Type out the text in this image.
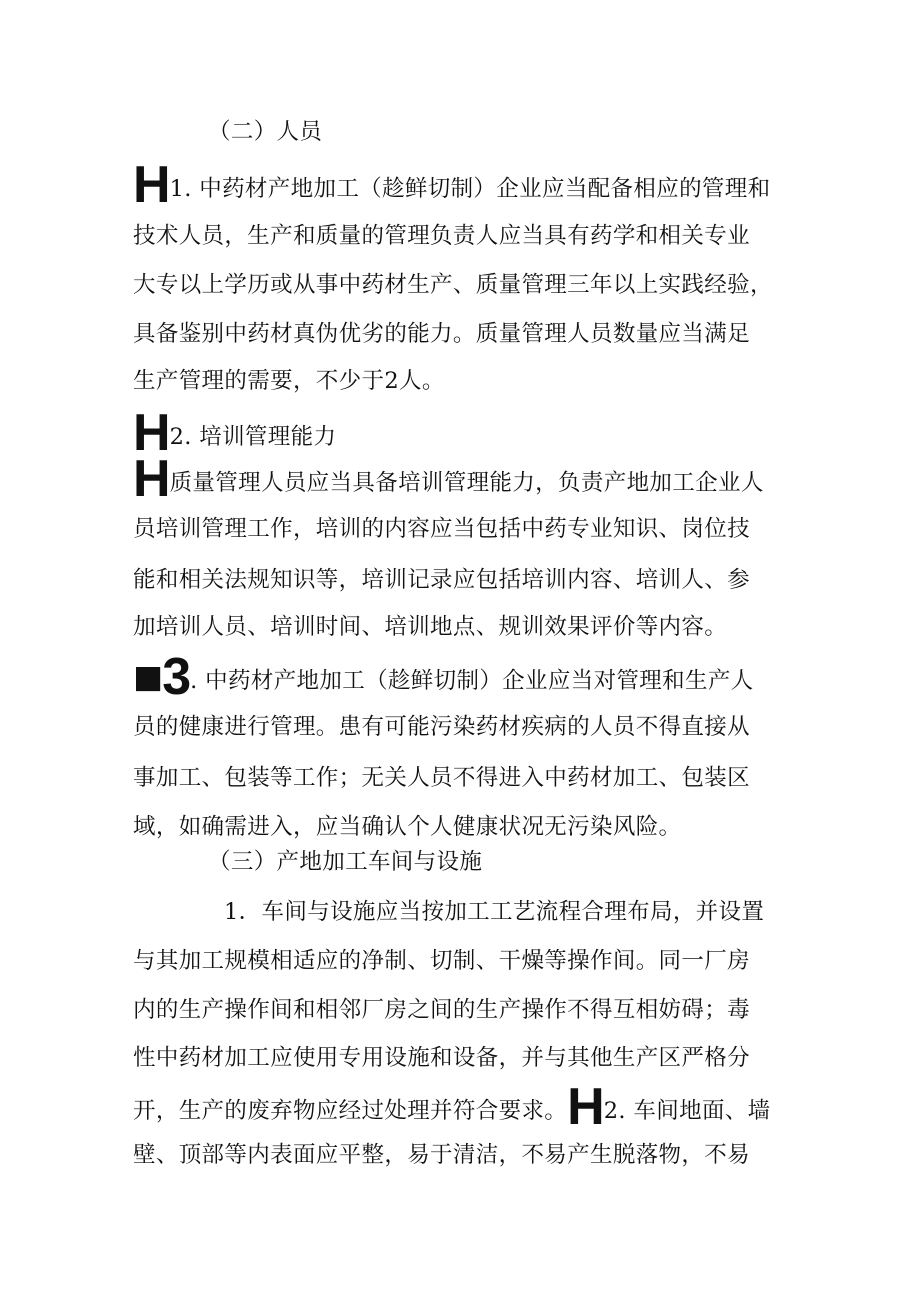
（二）人员
H1. 中药材产地加工（趁鲜切制）企业应当配备相应的管理和
技术人员，生产和质量的管理负责人应当具有药学和相关专业
大专以上学历或从事中药材生产、质量管理三年以上实践经验，
具备鉴别中药材真伪优劣的能力。质量管理人员数量应当满足
生产管理的需要，不少于2人。
H2. 培训管理能力
H质量管理人员应当具备培训管理能力，负责产地加工企业人
员培训管理工作，培训的内容应当包括中药专业知识、岗位技
能和相关法规知识等，培训记录应包括培训内容、培训人、参
加培训人员、培训时间、培训地点、规训效果评价等内容。
■3. 中药材产地加工（趁鲜切制）企业应当对管理和生产人
员的健康进行管理。患有可能污染药材疾病的人员不得直接从
事加工、包装等工作；无关人员不得进入中药材加工、包装区
域，如确需进入，应当确认个人健康状况无污染风险。
（三）产地加工车间与设施
1．车间与设施应当按加工工艺流程合理布局，并设置
与其加工规模相适应的净制、切制、干燥等操作间。同一厂房
内的生产操作间和相邻厂房之间的生产操作不得互相妨碍；毒
性中药材加工应使用专用设施和设备，并与其他生产区严格分
开，生产的废弃物应经过处理并符合要求。H2. 车间地面、墙
壁、顶部等内表面应平整，易于清洁，不易产生脱落物，不易
